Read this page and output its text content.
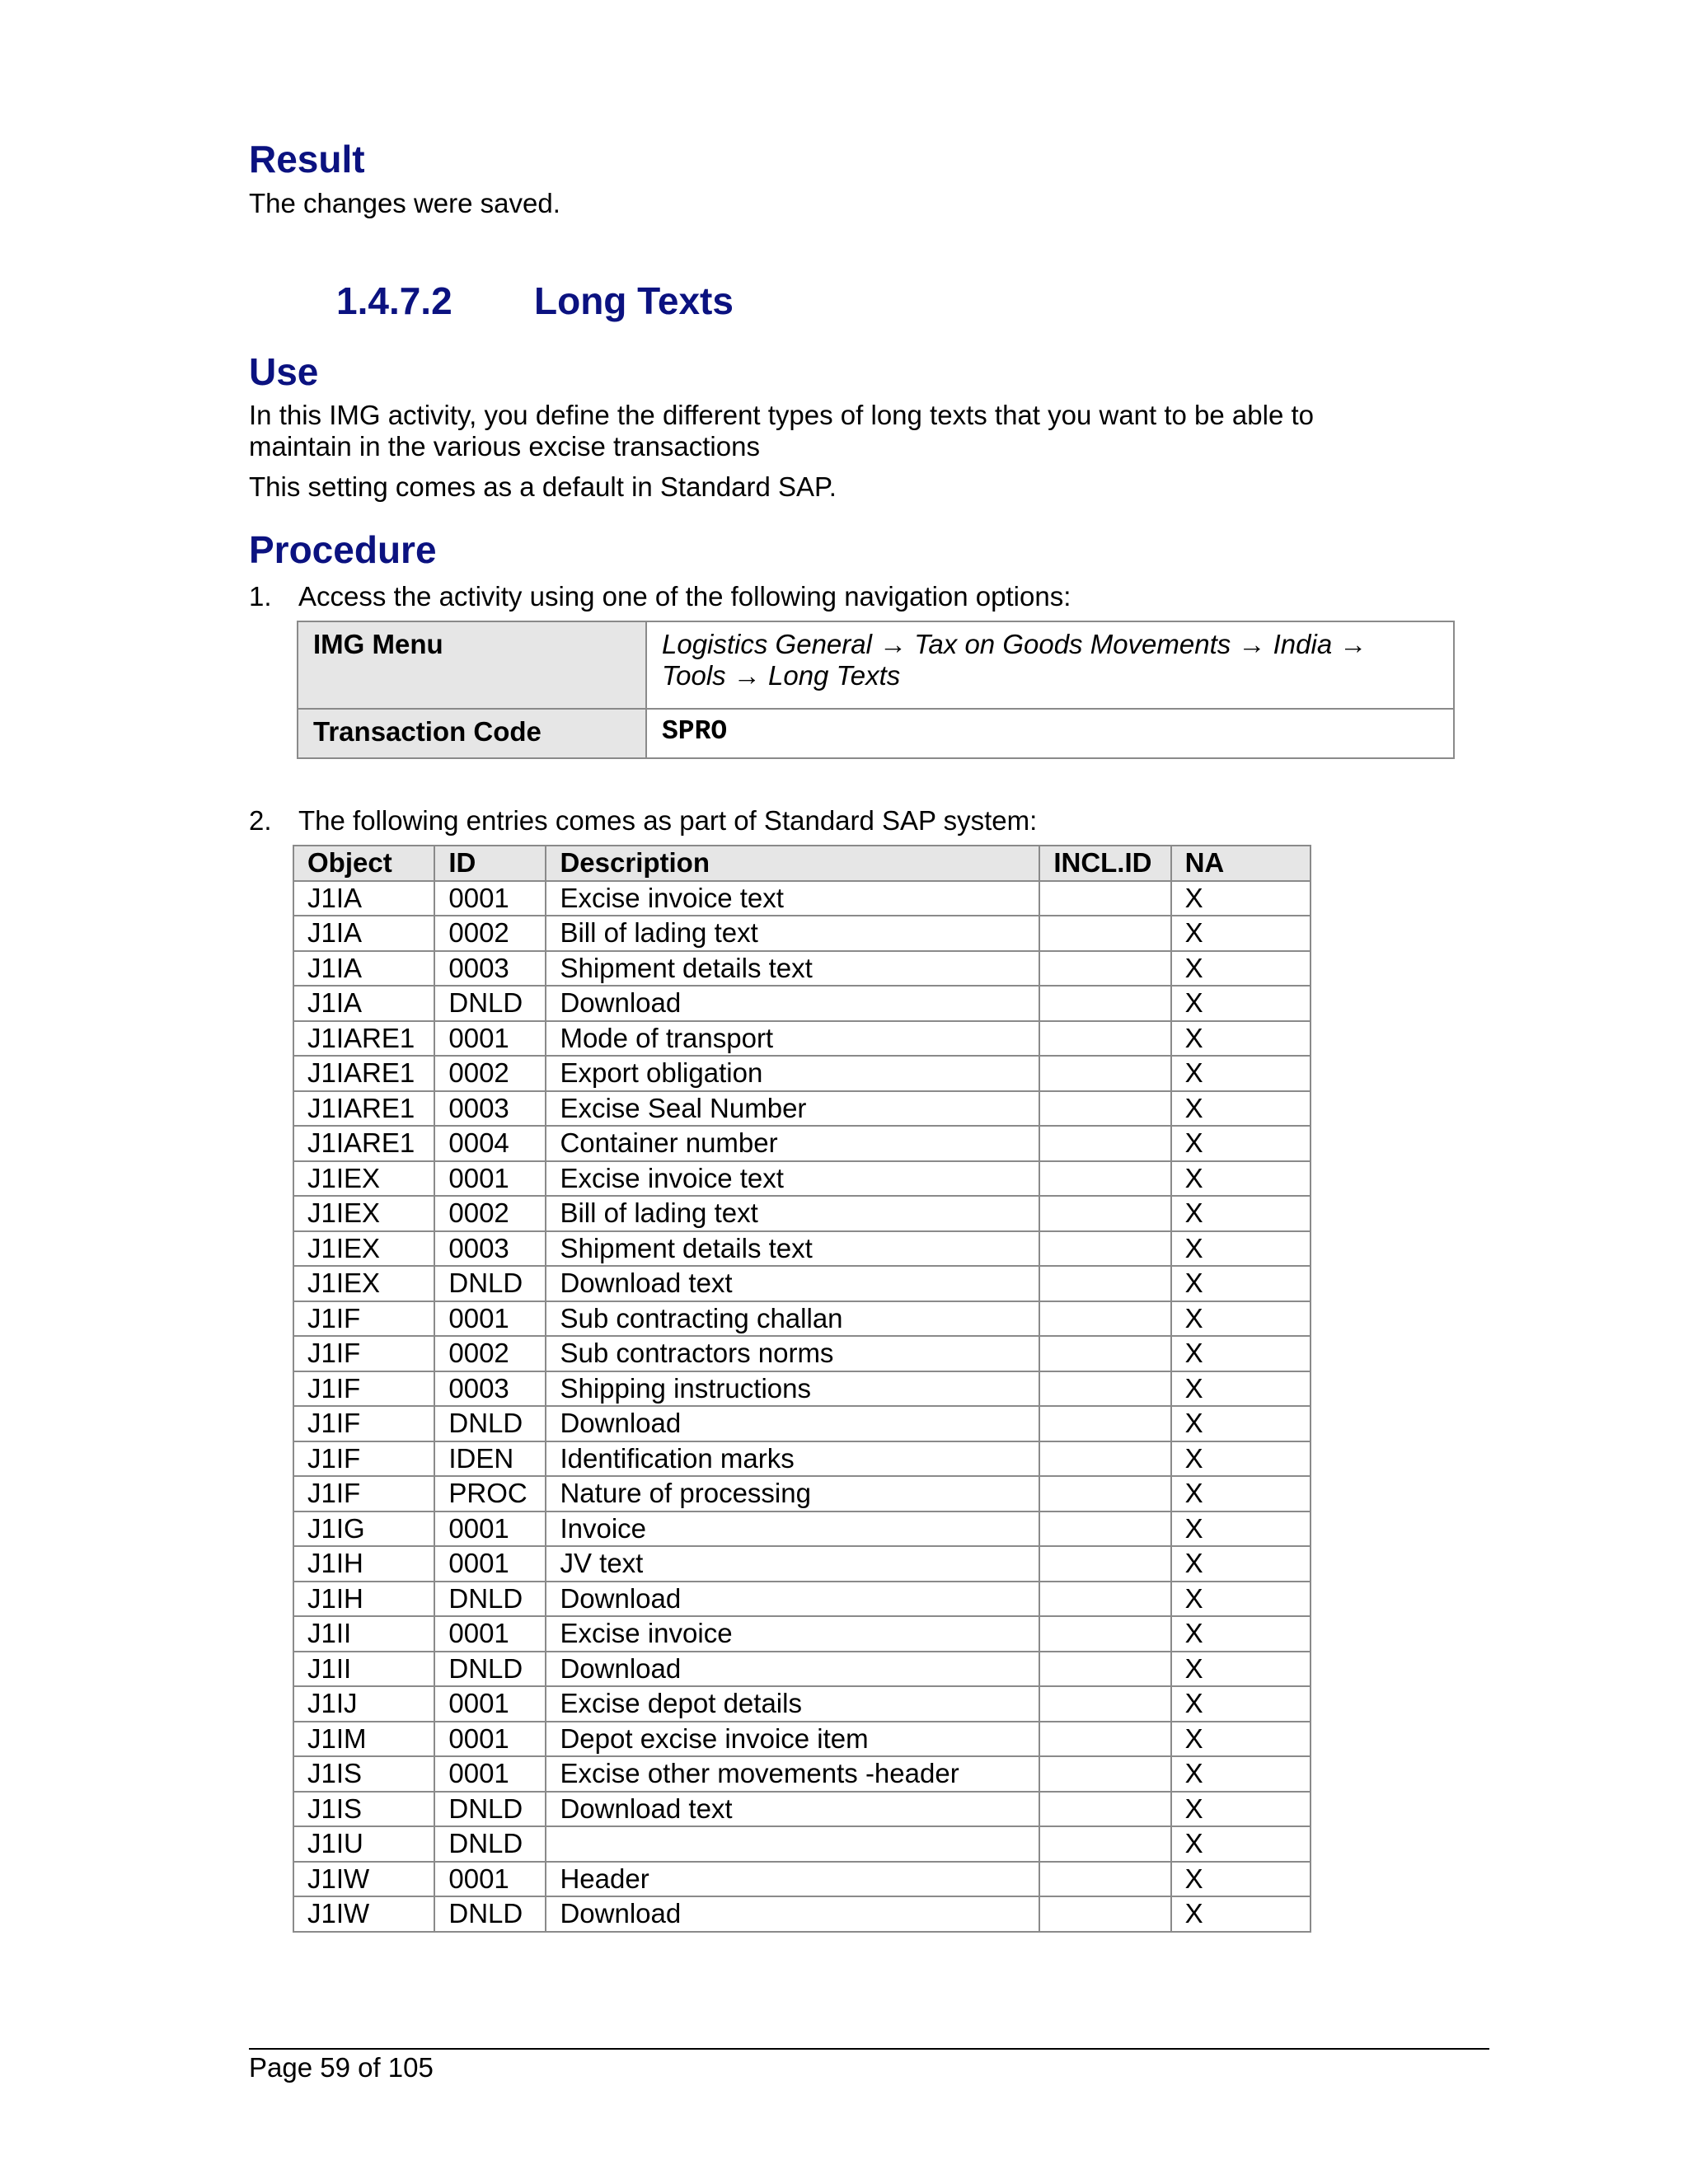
Result

The changes were saved.

1.4.7.2 Long Texts
Use

In this IMG activity, you define the different types of long texts that you want to be able to

maintain in the various excise transactions

This setting comes as a default in Standard SAP.

Procedure
1. Access the activity using one of the following navigation options:
IMG Menu	Logistics General → Tax on Goods Movements → India →
Tools → Long Texts

Transaction Code	SPRO
2. The following entries comes as part of Standard SAP system:
Object	ID	Description	INCL.ID	NA
J1IA	0001	Excise invoice text		X
J1IA	0002	Bill of lading text		X
J1IA	0003	Shipment details text		X
J1IA	DNLD	Download		X
J1IARE1	0001	Mode of transport		X
J1IARE1	0002	Export obligation		X
J1IARE1	0003	Excise Seal Number		X
J1IARE1	0004	Container number		X
J1IEX	0001	Excise invoice text		X
J1IEX	0002	Bill of lading text		X
J1IEX	0003	Shipment details text		X
J1IEX	DNLD	Download text		X
J1IF	0001	Sub contracting challan		X
J1IF	0002	Sub contractors norms		X
J1IF	0003	Shipping instructions		X
J1IF	DNLD	Download		X
J1IF	IDEN	Identification marks		X
J1IF	PROC	Nature of processing		X
J1IG	0001	Invoice		X
J1IH	0001	JV text		X
J1IH	DNLD	Download		X
J1II	0001	Excise invoice		X
J1II	DNLD	Download		X
J1IJ	0001	Excise depot details		X
J1IM	0001	Depot excise invoice item		X
J1IS	0001	Excise other movements -header		X
J1IS	DNLD	Download text		X
J1IU	DNLD			X
J1IW	0001	Header		X
J1IW	DNLD	Download		X
Page 59 of 105
